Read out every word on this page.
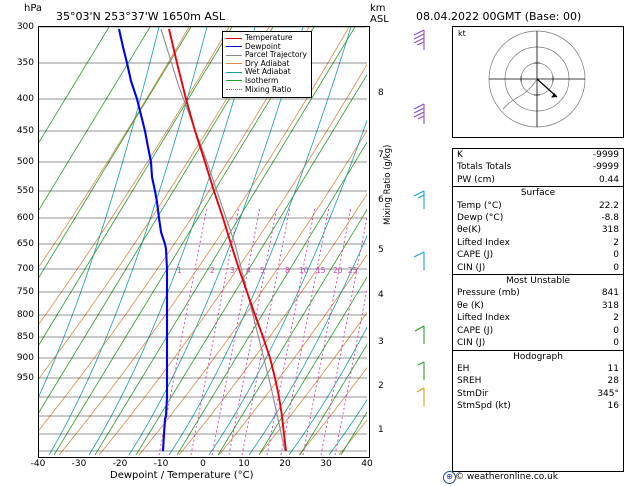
hPa
35°03'N 253°37'W 1650m ASL
km
ASL 08.04.2022 00GMT (Base: 00)
300
350
400
450
500
550
600
650
700
750
800
850
900
950
-40	-30	-20	-10	0	10	20	30	40
Dewpoint / Temperature (°C)
Temperature
Dewpoint
Parcel Trajectory
Dry Adiabat
Wet Adiabat
Isotherm
Mixing Ratio
1	2 3 4 5	8 10 15 20 25
8
7
6
5
4
3
2
1
Mixing Ratio (g/kg)
kt
K	-9999
Totals Totals	-9999
PW (cm)	0.44
Surface
Temp (°C)	22.2
Dewp (°C)	-8.8
θe(K)	318
Lifted Index	2
CAPE (J)	0
CIN (J)	0
Most Unstable
Pressure (mb)	841
θe (K)	318
Lifted Index	2
CAPE (J)	0
CIN (J)	0
Hodograph
EH	11
SREH	28
StmDir	345°
StmSpd (kt)	16
⊕ © weatheronline.co.uk
